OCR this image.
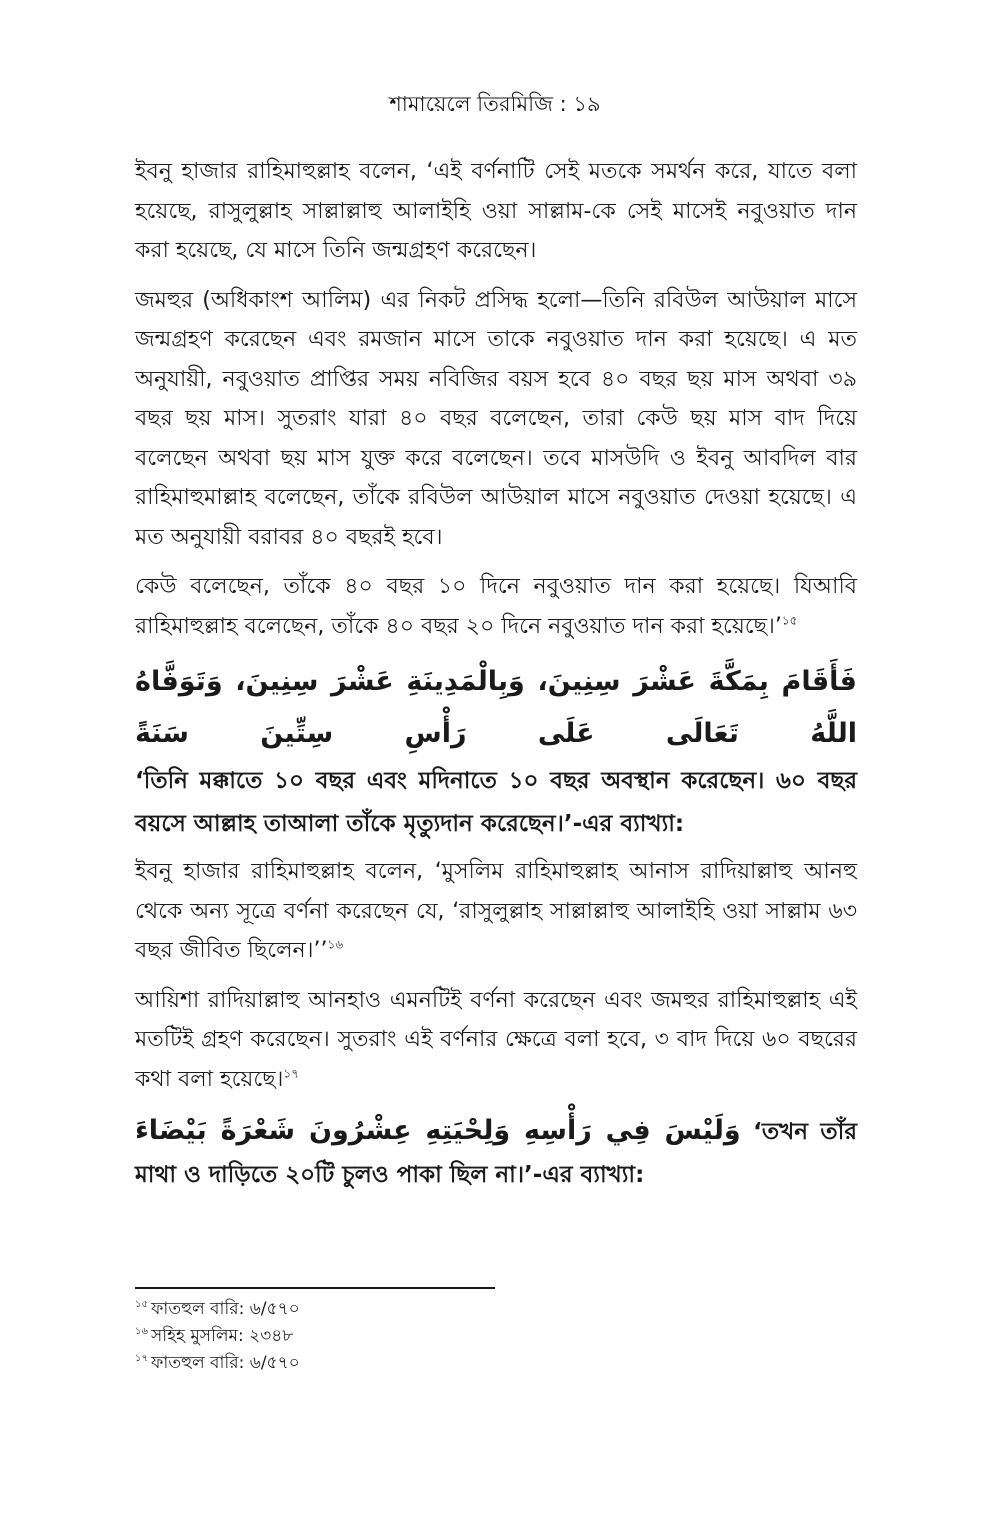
শামায়েলে তিরমিজি : ১৯

ইবনু হাজার রাহিমাহুল্লাহ বলেন, ‘এই বর্ণনাটি সেই মতকে সমর্থন করে, যাতে বলা হয়েছে, রাসুলুল্লাহ সাল্লাল্লাহু আলাইহি ওয়া সাল্লাম-কে সেই মাসেই নবুওয়াত দান করা হয়েছে, যে মাসে তিনি জন্মগ্রহণ করেছেন।

জমহুর (অধিকাংশ আলিম) এর নিকট প্রসিদ্ধ হলো—তিনি রবিউল আউয়াল মাসে জন্মগ্রহণ করেছেন এবং রমজান মাসে তাকে নবুওয়াত দান করা হয়েছে। এ মত অনুযায়ী, নবুওয়াত প্রাপ্তির সময় নবিজির বয়স হবে ৪০ বছর ছয় মাস অথবা ৩৯ বছর ছয় মাস। সুতরাং যারা ৪০ বছর বলেছেন, তারা কেউ ছয় মাস বাদ দিয়ে বলেছেন অথবা ছয় মাস যুক্ত করে বলেছেন। তবে মাসউদি ও ইবনু আবদিল বার রাহিমাহুমাল্লাহ বলেছেন, তাঁকে রবিউল আউয়াল মাসে নবুওয়াত দেওয়া হয়েছে। এ মত অনুযায়ী বরাবর ৪০ বছরই হবে।

কেউ বলেছেন, তাঁকে ৪০ বছর ১০ দিনে নবুওয়াত দান করা হয়েছে। যিআবি রাহিমাহুল্লাহ বলেছেন, তাঁকে ৪০ বছর ২০ দিনে নবুওয়াত দান করা হয়েছে।’$^{১৫}$

فَأَقَامَ بِمَكَّةَ عَشْرَ سِنِينَ، وَبِالْمَدِينَةِ عَشْرَ سِنِينَ، وَتَوَفَّاهُ اللَّهُ تَعَالَى عَلَى رَأْسِ سِتِّينَ سَنَةً
‘তিনি মক্কাতে ১০ বছর এবং মদিনাতে ১০ বছর অবস্থান করেছেন। ৬০ বছর বয়সে আল্লাহ তাআলা তাঁকে মৃত্যুদান করেছেন।’-এর ব্যাখ্যা:

ইবনু হাজার রাহিমাহুল্লাহ বলেন, ‘মুসলিম রাহিমাহুল্লাহ আনাস রাদিয়াল্লাহু আনহু থেকে অন্য সূত্রে বর্ণনা করেছেন যে, ‘রাসুলুল্লাহ সাল্লাল্লাহু আলাইহি ওয়া সাল্লাম ৬৩ বছর জীবিত ছিলেন।’’$^{১৬}$

আয়িশা রাদিয়াল্লাহু আনহাও এমনটিই বর্ণনা করেছেন এবং জমহুর রাহিমাহুল্লাহ এই মতটিই গ্রহণ করেছেন। সুতরাং এই বর্ণনার ক্ষেত্রে বলা হবে, ৩ বাদ দিয়ে ৬০ বছরের কথা বলা হয়েছে।$^{১৭}$

وَلَيْسَ فِي رَأْسِهِ وَلِحْيَتِهِ عِشْرُونَ شَعْرَةً بَيْضَاءَ ‘তখন তাঁর মাথা ও দাড়িতে ২০টি চুলও পাকা ছিল না।’-এর ব্যাখ্যা:
$^{১৫}$ ফাতহুল বারি: ৬/৫৭০
$^{১৬}$ সহিহ মুসলিম: ২৩৪৮
$^{১৭}$ ফাতহুল বারি: ৬/৫৭০
